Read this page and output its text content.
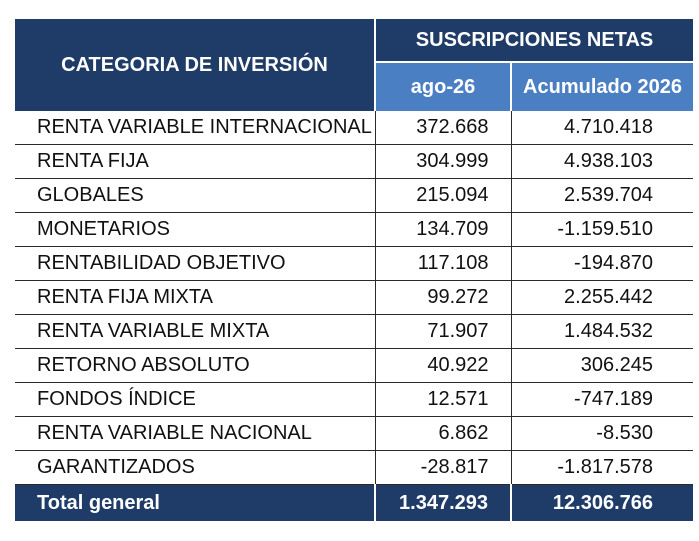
CATEGORIA DE INVERSIÓN	SUSCRIPCIONES NETAS	
	ago-26	Acumulado 2026
RENTA VARIABLE INTERNACIONAL	372.668	4.710.418
RENTA FIJA	304.999	4.938.103
GLOBALES	215.094	2.539.704
MONETARIOS	134.709	-1.159.510
RENTABILIDAD OBJETIVO	117.108	-194.870
RENTA FIJA MIXTA	99.272	2.255.442
RENTA VARIABLE MIXTA	71.907	1.484.532
RETORNO ABSOLUTO	40.922	306.245
FONDOS ÍNDICE	12.571	-747.189
RENTA VARIABLE NACIONAL	6.862	-8.530
GARANTIZADOS	-28.817	-1.817.578
Total general	1.347.293	12.306.766
